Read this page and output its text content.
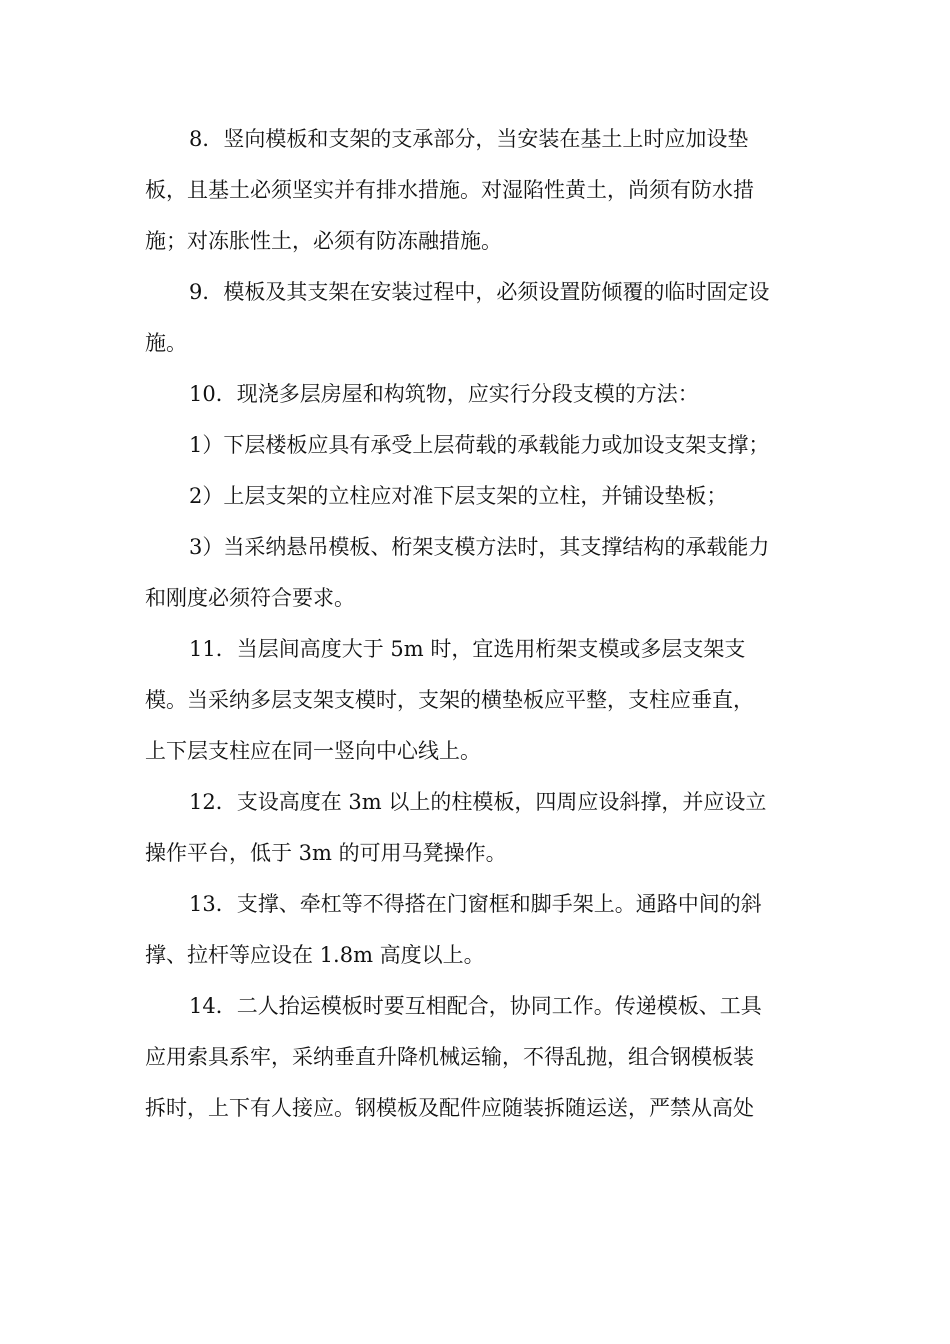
8．竖向模板和支架的支承部分，当安装在基土上时应加设垫
板，且基土必须坚实并有排水措施。对湿陷性黄土，尚须有防水措
施；对冻胀性土，必须有防冻融措施。
9．模板及其支架在安装过程中，必须设置防倾覆的临时固定设
施。
10．现浇多层房屋和构筑物，应实行分段支模的方法：
1）下层楼板应具有承受上层荷载的承载能力或加设支架支撑；
2）上层支架的立柱应对准下层支架的立柱，并铺设垫板；
3）当采纳悬吊模板、桁架支模方法时，其支撑结构的承载能力
和刚度必须符合要求。
11．当层间高度大于 5m 时，宜选用桁架支模或多层支架支
模。当采纳多层支架支模时，支架的横垫板应平整，支柱应垂直，
上下层支柱应在同一竖向中心线上。
12．支设高度在 3m 以上的柱模板，四周应设斜撑，并应设立
操作平台，低于 3m 的可用马凳操作。
13．支撑、牵杠等不得搭在门窗框和脚手架上。通路中间的斜
撑、拉杆等应设在 1.8m 高度以上。
14．二人抬运模板时要互相配合，协同工作。传递模板、工具
应用索具系牢，采纳垂直升降机械运输，不得乱抛，组合钢模板装
拆时，上下有人接应。钢模板及配件应随装拆随运送，严禁从高处
